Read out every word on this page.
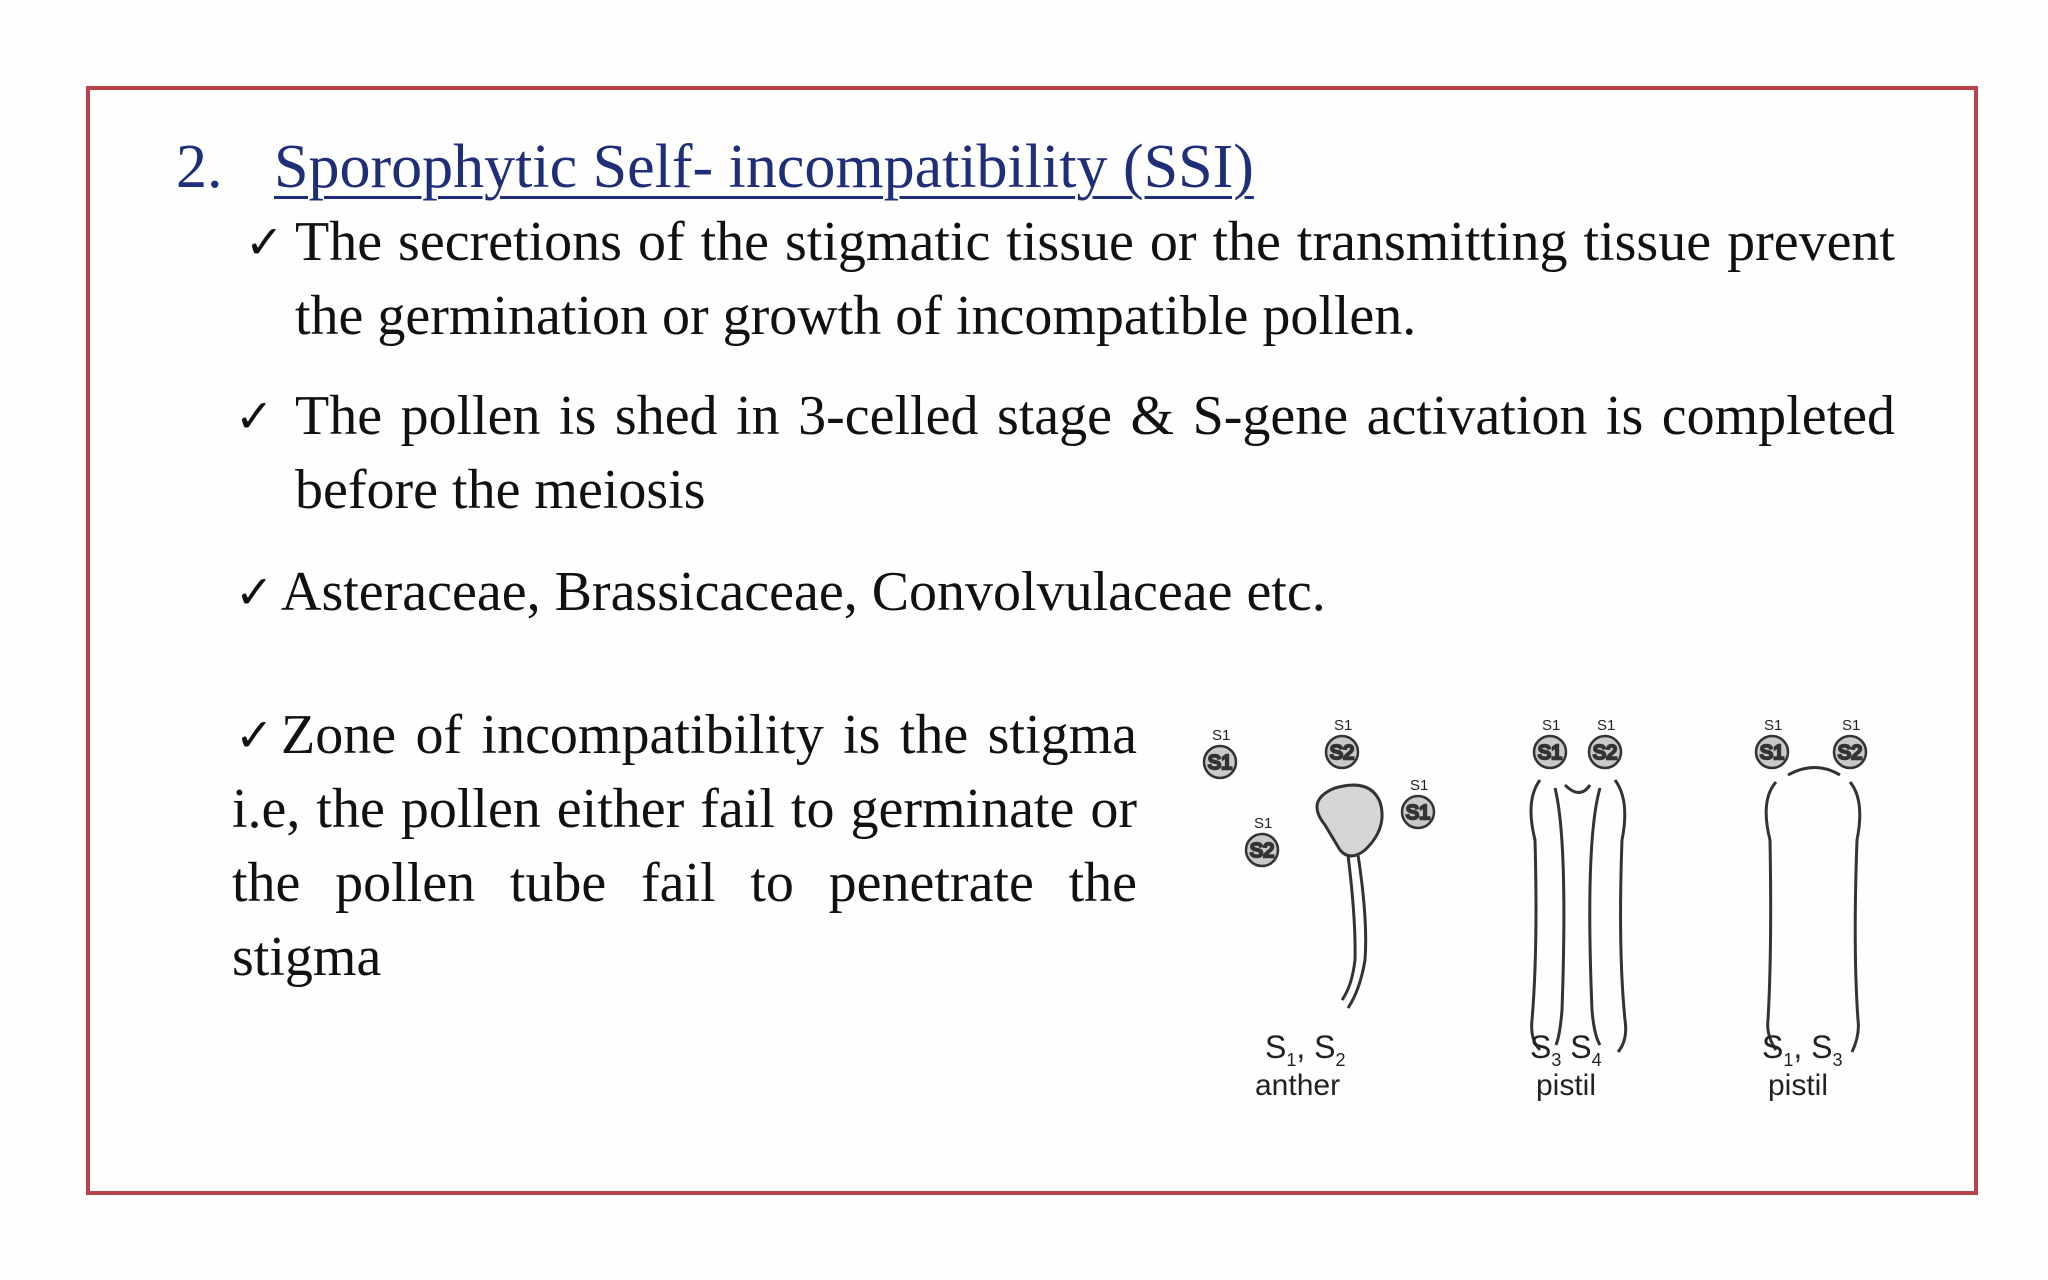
2. Sporophytic Self- incompatibility (SSI)
✓ The secretions of the stigmatic tissue or the transmitting tissue prevent the germination or growth of incompatible pollen.
✓ The pollen is shed in 3-celled stage & S-gene activation is completed before the meiosis
✓ Asteraceae, Brassicaceae, Convolvulaceae etc.
✓ Zone of incompatibility is the stigma i.e, the pollen either fail to germinate or the pollen tube fail to penetrate the stigma
S1	S2
S2
S1
S1 S2	S1	S2
S1
S1
S1
S1
S1 S1	S1	S1
$S_1$, $S_2$
anther
$S_3$ $S_4$
pistil
$S_1$, $S_3$
pistil
